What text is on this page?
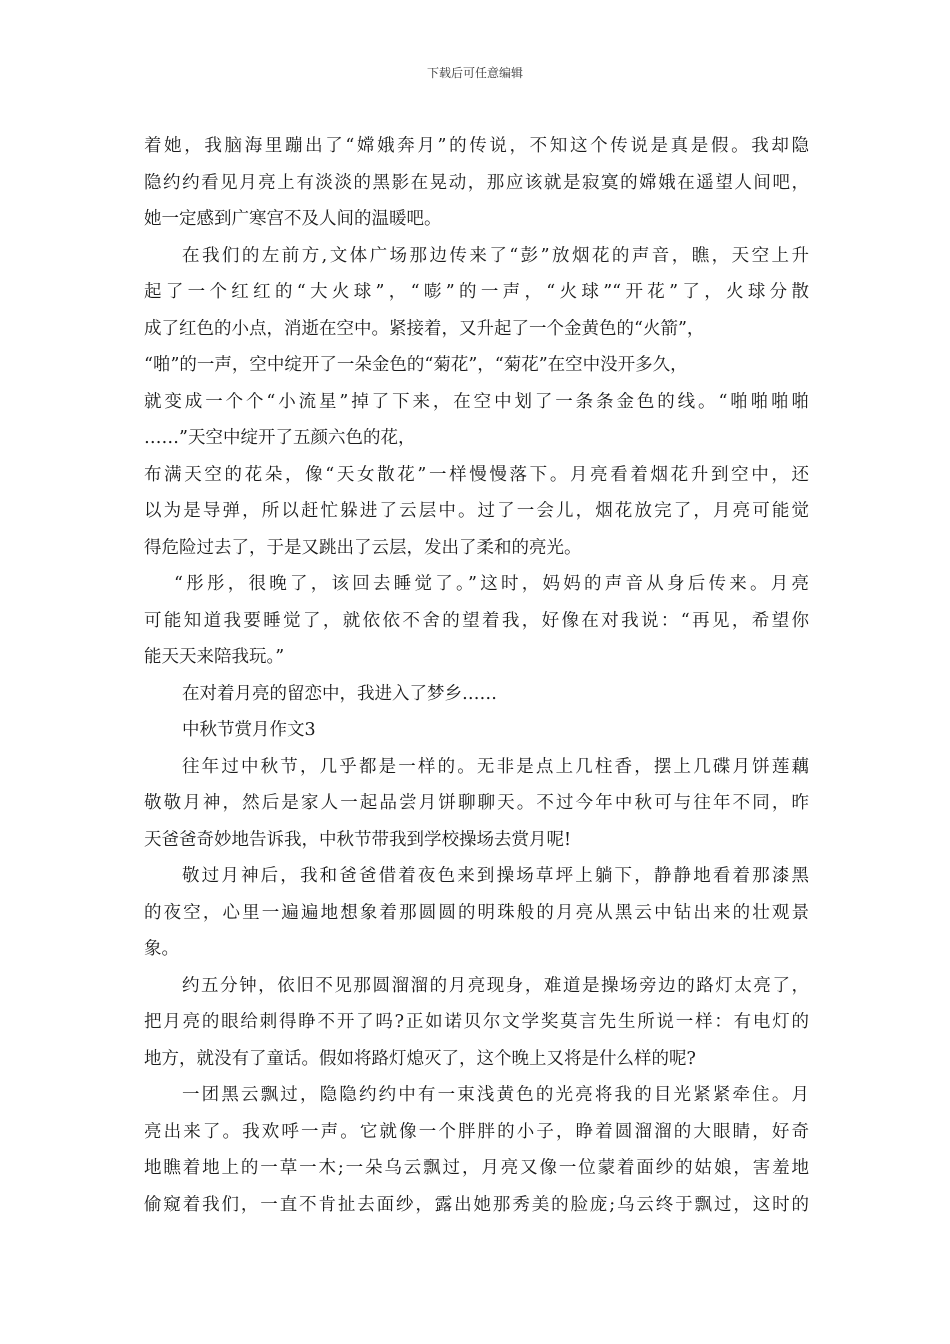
下载后可任意编辑

着她，我脑海里蹦出了“嫦娥奔月”的传说，不知这个传说是真是假。我却隐

隐约约看见月亮上有淡淡的黑影在晃动，那应该就是寂寞的嫦娥在遥望人间吧，

她一定感到广寒宫不及人间的温暖吧。

在我们的左前方,文体广场那边传来了“彭”放烟花的声音，瞧，天空上升

起了一个红红的“大火球”，“嘭”的一声，“火球”“开花”了，火球分散

成了红色的小点，消逝在空中。紧接着，又升起了一个金黄色的“火箭”，

“啪”的一声，空中绽开了一朵金色的“菊花”，“菊花”在空中没开多久，

就变成一个个“小流星”掉了下来，在空中划了一条条金色的线。“啪啪啪啪

……”天空中绽开了五颜六色的花，

布满天空的花朵，像“天女散花”一样慢慢落下。月亮看着烟花升到空中，还

以为是导弹，所以赶忙躲进了云层中。过了一会儿，烟花放完了，月亮可能觉

得危险过去了，于是又跳出了云层，发出了柔和的亮光。

“彤彤，很晚了，该回去睡觉了。”这时，妈妈的声音从身后传来。月亮

可能知道我要睡觉了，就依依不舍的望着我，好像在对我说：“再见，希望你

能天天来陪我玩。”

在对着月亮的留恋中，我进入了梦乡……

中秋节赏月作文3

往年过中秋节，几乎都是一样的。无非是点上几柱香，摆上几碟月饼莲藕

敬敬月神，然后是家人一起品尝月饼聊聊天。不过今年中秋可与往年不同，昨

天爸爸奇妙地告诉我，中秋节带我到学校操场去赏月呢!

敬过月神后，我和爸爸借着夜色来到操场草坪上躺下，静静地看着那漆黑

的夜空，心里一遍遍地想象着那圆圆的明珠般的月亮从黑云中钻出来的壮观景

象。

约五分钟，依旧不见那圆溜溜的月亮现身，难道是操场旁边的路灯太亮了，

把月亮的眼给刺得睁不开了吗?正如诺贝尔文学奖莫言先生所说一样：有电灯的

地方，就没有了童话。假如将路灯熄灭了，这个晚上又将是什么样的呢?

一团黑云飘过，隐隐约约中有一束浅黄色的光亮将我的目光紧紧牵住。月

亮出来了。我欢呼一声。它就像一个胖胖的小子，睁着圆溜溜的大眼睛，好奇

地瞧着地上的一草一木;一朵乌云飘过，月亮又像一位蒙着面纱的姑娘，害羞地

偷窥着我们，一直不肯扯去面纱，露出她那秀美的脸庞;乌云终于飘过，这时的
